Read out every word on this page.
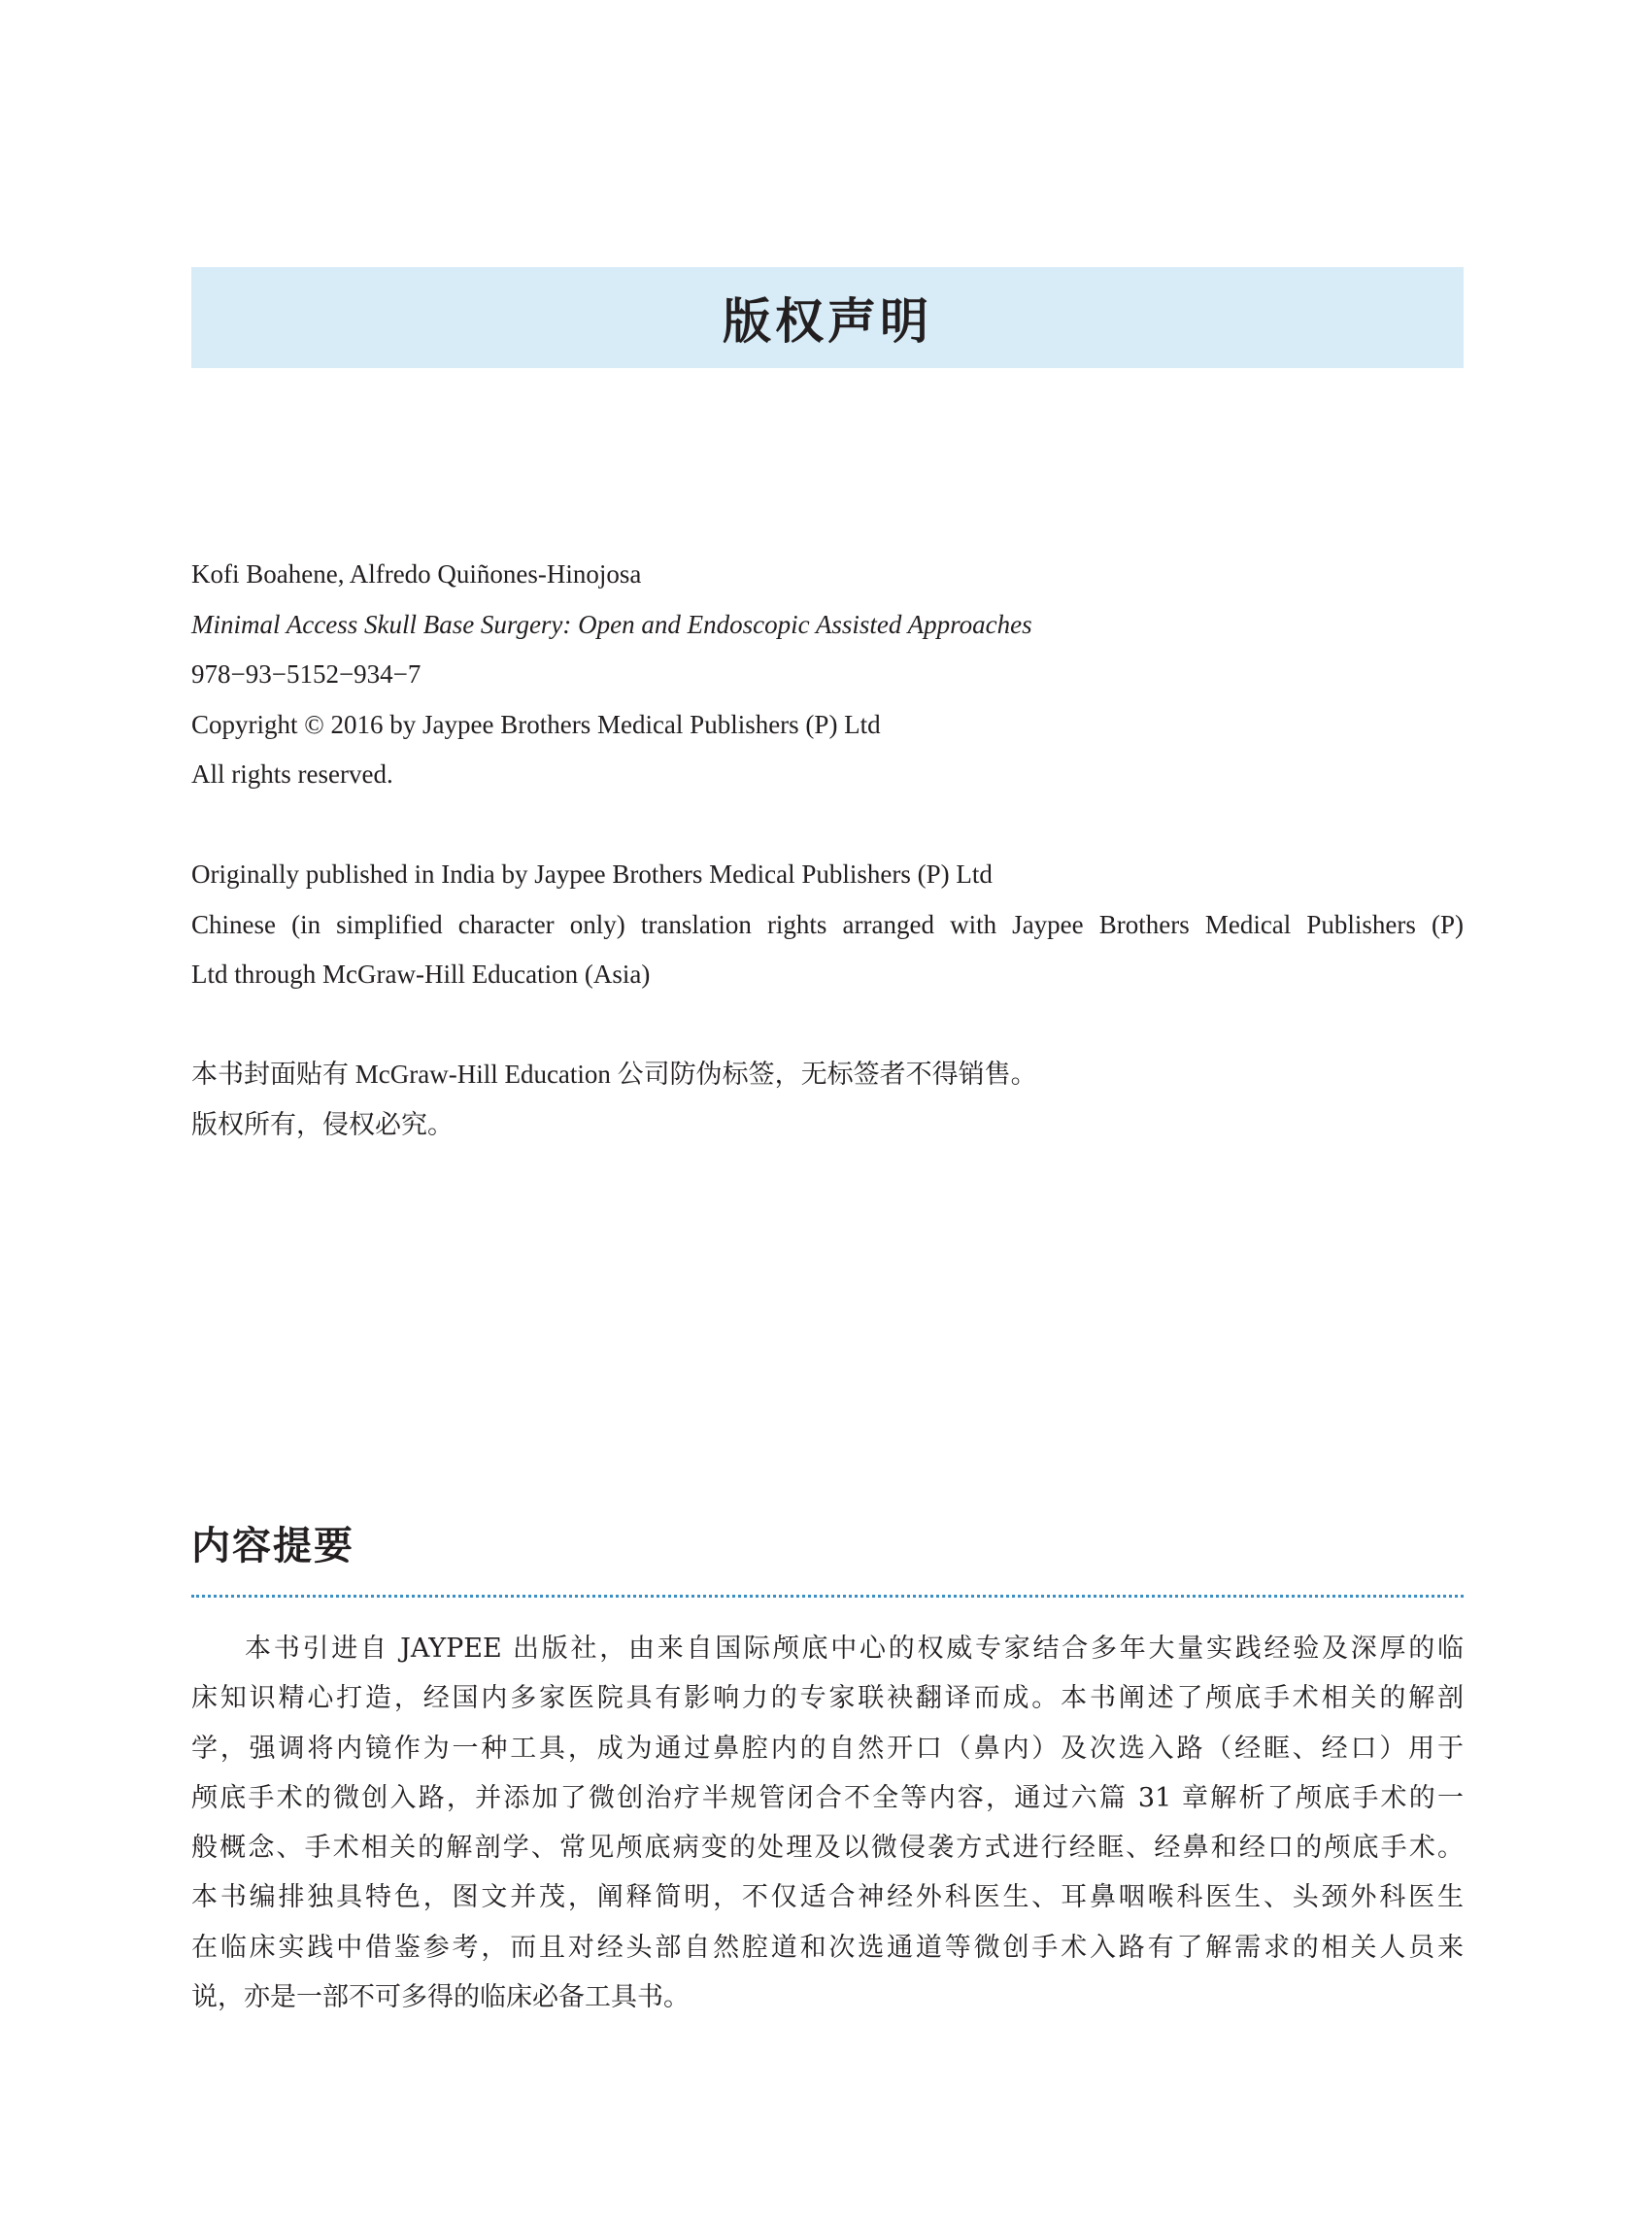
版权声明
Kofi Boahene, Alfredo Quiñones-Hinojosa
Minimal Access Skull Base Surgery: Open and Endoscopic Assisted Approaches
978−93−5152−934−7
Copyright © 2016 by Jaypee Brothers Medical Publishers (P) Ltd
All rights reserved.
Originally published in India by Jaypee Brothers Medical Publishers (P) Ltd
Chinese (in simplified character only) translation rights arranged with Jaypee Brothers Medical Publishers (P)
Ltd through McGraw-Hill Education (Asia)
本书封面贴有 McGraw-Hill Education 公司防伪标签，无标签者不得销售。
版权所有，侵权必究。
内容提要
本书引进自 JAYPEE 出版社，由来自国际颅底中心的权威专家结合多年大量实践经验及深厚的临
床知识精心打造，经国内多家医院具有影响力的专家联袂翻译而成。本书阐述了颅底手术相关的解剖
学，强调将内镜作为一种工具，成为通过鼻腔内的自然开口（鼻内）及次选入路（经眶、经口）用于
颅底手术的微创入路，并添加了微创治疗半规管闭合不全等内容，通过六篇 31 章解析了颅底手术的一
般概念、手术相关的解剖学、常见颅底病变的处理及以微侵袭方式进行经眶、经鼻和经口的颅底手术。
本书编排独具特色，图文并茂，阐释简明，不仅适合神经外科医生、耳鼻咽喉科医生、头颈外科医生
在临床实践中借鉴参考，而且对经头部自然腔道和次选通道等微创手术入路有了解需求的相关人员来
说，亦是一部不可多得的临床必备工具书。
